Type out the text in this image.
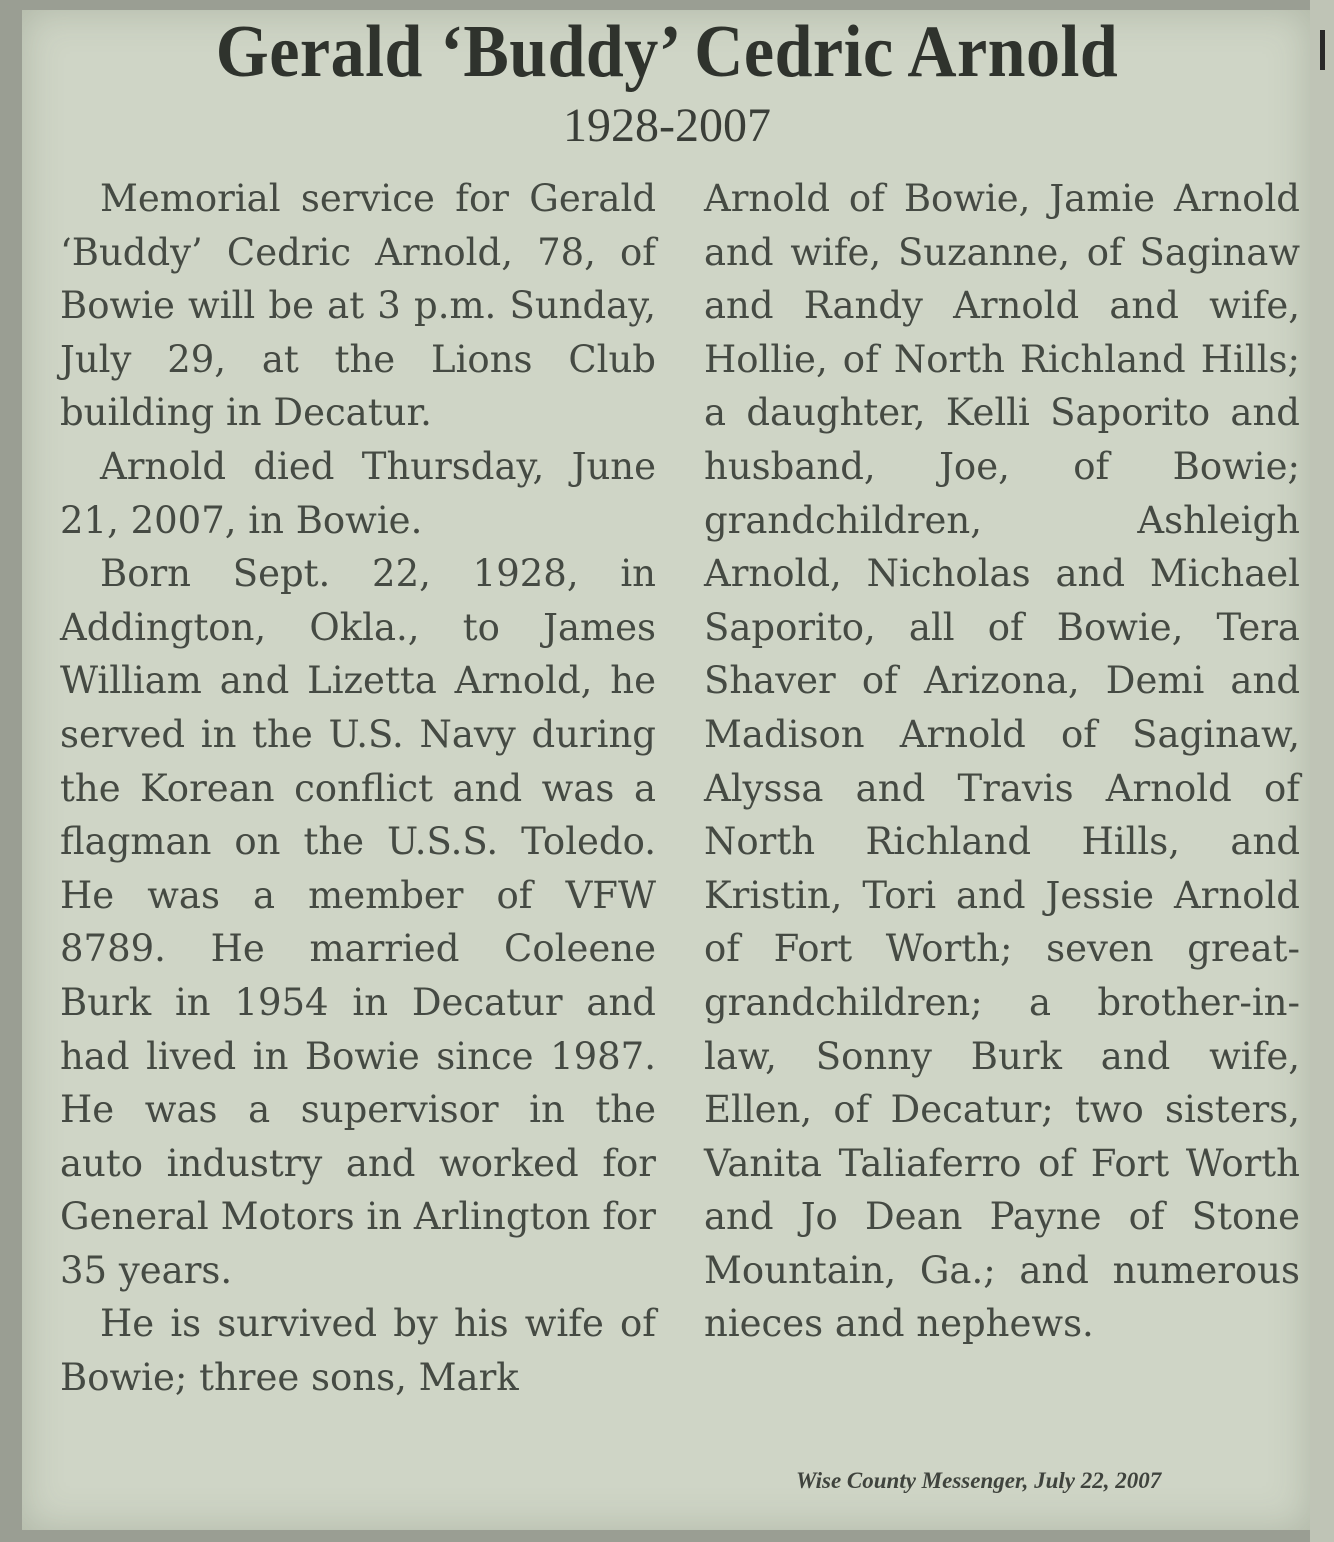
Gerald ‘Buddy’ Cedric Arnold
1928-2007

Memorial service for Gerald ‘Buddy’ Cedric Arnold, 78, of Bowie will be at 3 p.m. Sunday, July 29, at the Lions Club building in Decatur.

Arnold died Thursday, June 21, 2007, in Bowie.

Born Sept. 22, 1928, in Addington, Okla., to James William and Lizetta Arnold, he served in the U.S. Navy during the Korean conflict and was a flagman on the U.S.S. Toledo. He was a member of VFW 8789. He married Coleene Burk in 1954 in Decatur and had lived in Bowie since 1987. He was a supervisor in the auto industry and worked for General Motors in Arlington for 35 years.

He is survived by his wife of Bowie; three sons, Mark

Arnold of Bowie, Jamie Arnold and wife, Suzanne, of Saginaw and Randy Arnold and wife, Hollie, of North Richland Hills; a daughter, Kelli Saporito and husband, Joe, of Bowie; grandchildren, Ashleigh Arnold, Nicholas and Michael Saporito, all of Bowie, Tera Shaver of Arizona, Demi and Madison Arnold of Saginaw, Alyssa and Travis Arnold of North Richland Hills, and Kristin, Tori and Jessie Arnold of Fort Worth; seven great-grandchildren; a brother-in-law, Sonny Burk and wife, Ellen, of Decatur; two sisters, Vanita Taliaferro of Fort Worth and Jo Dean Payne of Stone Mountain, Ga.; and numerous nieces and nephews.

Wise County Messenger, July 22, 2007
